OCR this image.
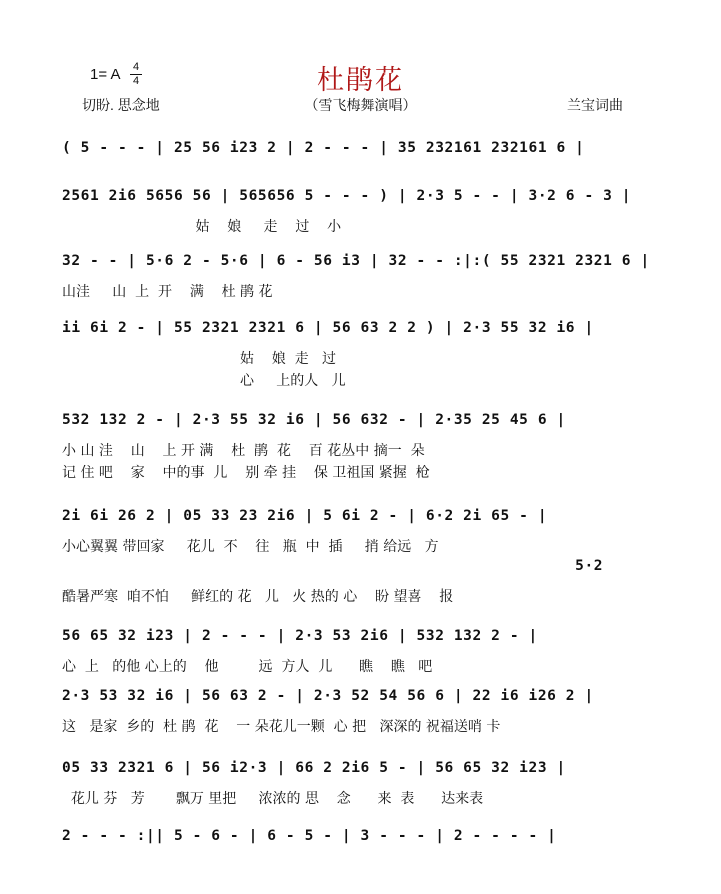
1= A 4
4	杜鹃花
（雪飞梅舞演唱）
切盼. 思念地	兰宝词曲
( 5 - - - | 25 56 i23 2 | 2 - - - | 35 232161 232161 6 |
2561 2i6 5656 56 | 565656 5 - - - ) | 2·3 5 - - | 3·2 6 - 3 |
姑    娘     走    过    小
32 - - | 5·6 2 - 5·6 | 6 - 56 i3 | 32 - - :|:( 55 2321 2321 6 |
山洼     山  上  开    满    杜 鹃 花
ii 6i 2 - | 55 2321 2321 6 | 56 63 2 2 ) | 2·3 55 32 i6 |
姑    娘  走   过
心     上的人   儿
532 132 2 - | 2·3 55 32 i6 | 56 632 - | 2·35 25 45 6 |
小 山 洼    山    上 开 满    杜  鹃  花    百 花丛中 摘一  朵
记 住 吧    家    中的事  儿    别 牵 挂    保 卫祖国 紧握  枪
2i 6i 26 2 | 05 33 23 2i6 | 5 6i 2 - | 6·2 2i 65 - |
小心翼翼 带回家     花儿  不    往   瓶  中  插     捎 给远   方
5·2
酷暑严寒  咱不怕     鲜红的 花   儿   火 热的 心    盼 望喜    报
56 65 32 i23 | 2 - - - | 2·3 53 2i6 | 532 132 2 - |
心  上   的他 心上的    他         远  方人  儿      瞧    瞧   吧
2·3 53 32 i6 | 56 63 2 - | 2·3 52 54 56 6 | 22 i6 i26 2 |
这   是家  乡的  杜 鹃  花    一 朵花儿一颗  心 把   深深的 祝福送哨 卡
05 33 2321 6 | 56 i2·3 | 66 2 2i6 5 - | 56 65 32 i23 |
花儿 芬   芳       飘万 里把     浓浓的 思    念      来  表      达来表
2 - - - :|| 5 - 6 - | 6 - 5 - | 3 - - - | 2 - - - - |
